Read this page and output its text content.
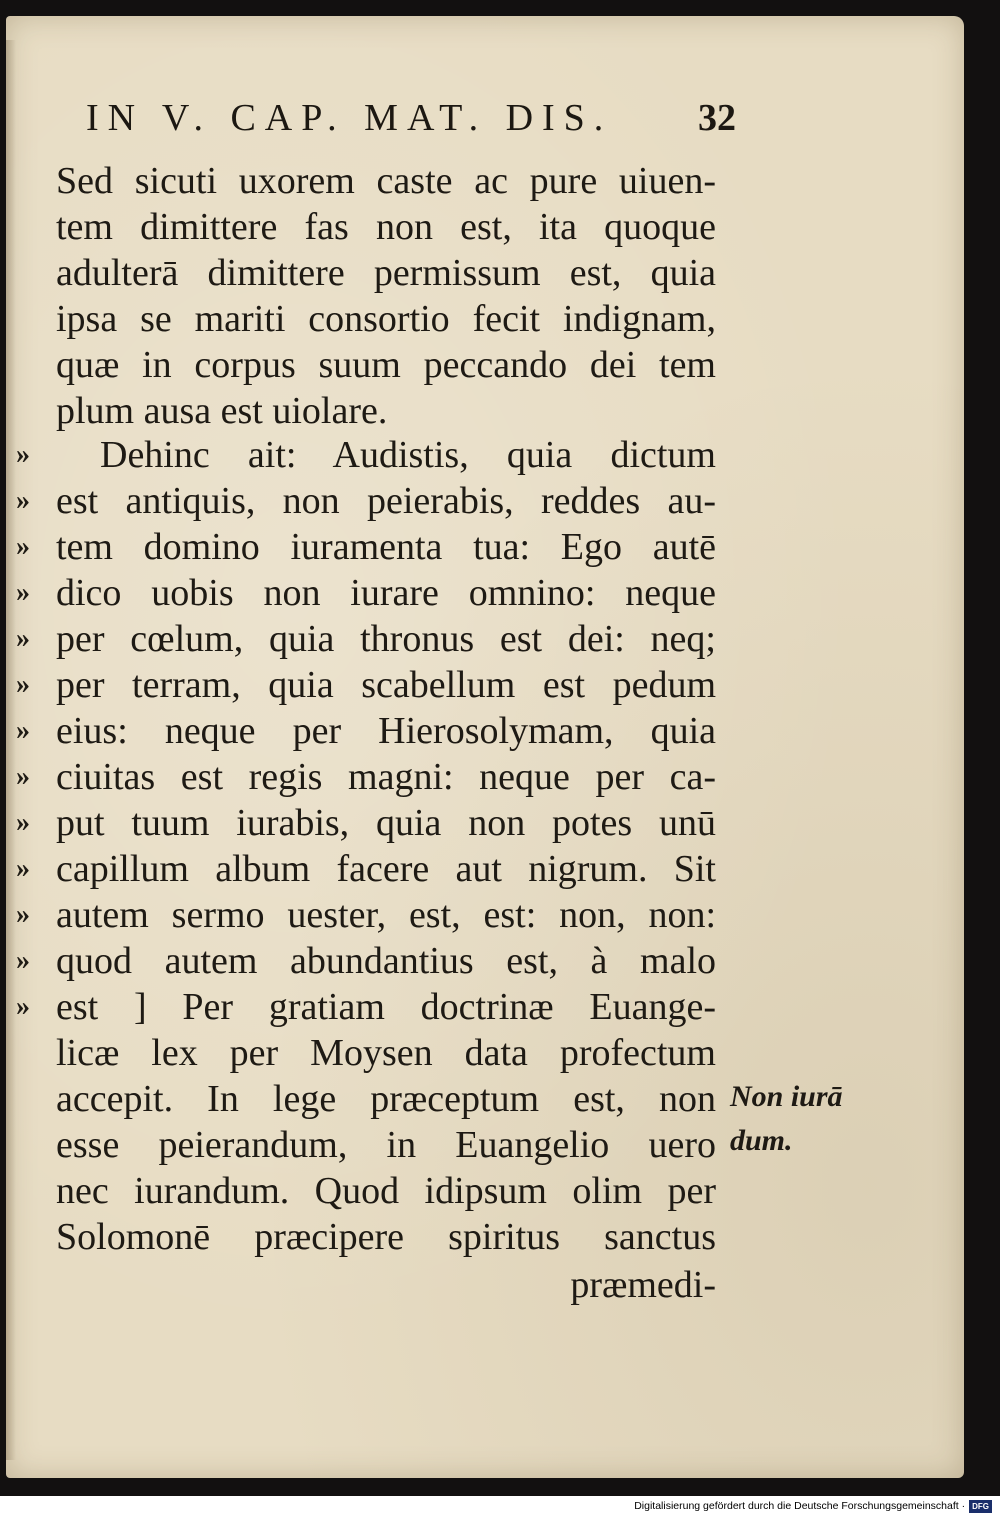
IN V. CAP. MAT. DIS. 32
Sed sicuti uxorem caste ac pure uiuen-
tem dimittere fas non est, ita quoque
adulterā dimittere permissum est, quia
ipsa se mariti consortio fecit indignam,
quæ in corpus suum peccando dei tem
plum ausa est uiolare.
Dehinc ait: Audistis, quia dictum
est antiquis, non peierabis, reddes au-
tem domino iuramenta tua: Ego autē
dico uobis non iurare omnino: neque
per cœlum, quia thronus est dei: neq;
per terram, quia scabellum est pedum
eius: neque per Hierosolymam, quia
ciuitas est regis magni: neque per ca-
put tuum iurabis, quia non potes unū
capillum album facere aut nigrum. Sit
autem sermo uester, est, est: non, non:
quod autem abundantius est, à malo
est ] Per gratiam doctrinæ Euange-
licæ lex per Moysen data profectum
accepit. In lege præceptum est, non
esse peierandum, in Euangelio uero
nec iurandum. Quod idipsum olim per
Solomonē præcipere spiritus sanctus
præmedi-
»
»
»
»
»
»
»
»
»
»
»
»
»
Non iurā
dum.
Digitalisierung gefördert durch die Deutsche Forschungsgemeinschaft · DFG
